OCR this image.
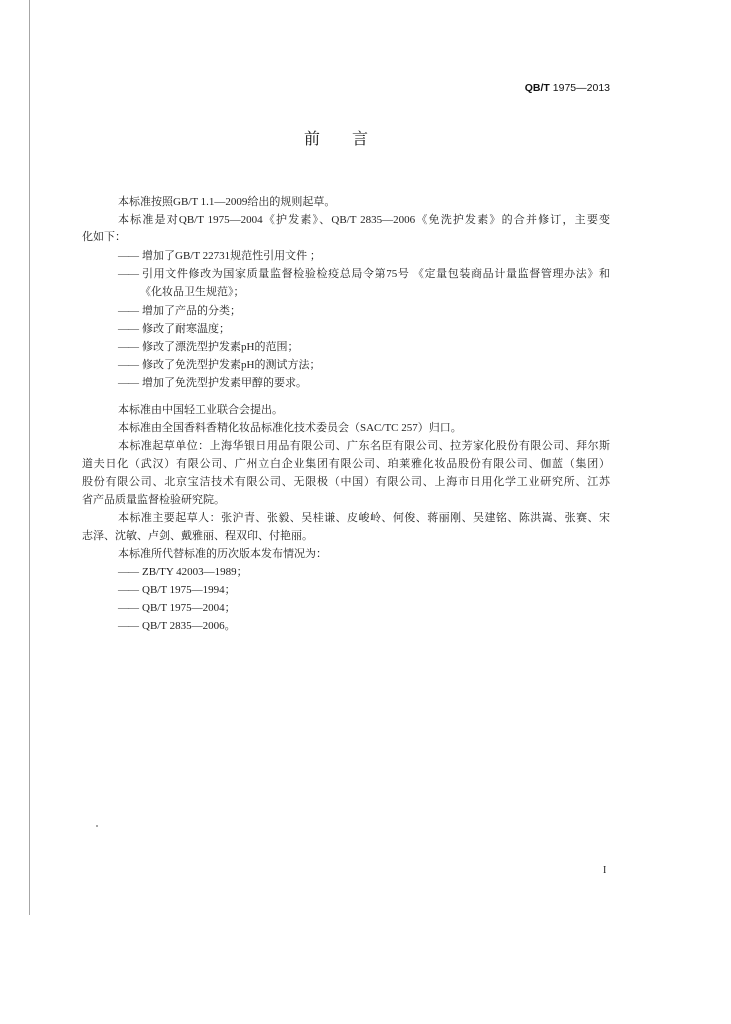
QB/T 1975—2013
前　言
本标准按照GB/T 1.1—2009给出的规则起草。
本标准是对QB/T 1975—2004《护发素》、QB/T 2835—2006《免洗护发素》的合并修订，主要变
化如下：
—— 增加了GB/T 22731规范性引用文件 ；
—— 引用文件修改为国家质量监督检验检疫总局令第75号 《定量包装商品计量监督管理办法》和
《化妆品卫生规范》；
—— 增加了产品的分类；
—— 修改了耐寒温度；
—— 修改了漂洗型护发素pH的范围；
—— 修改了免洗型护发素pH的测试方法；
—— 增加了免洗型护发素甲醇的要求。
本标准由中国轻工业联合会提出。
本标准由全国香料香精化妆品标准化技术委员会（SAC/TC 257）归口。
本标准起草单位：上海华银日用品有限公司、广东名臣有限公司、拉芳家化股份有限公司、拜尔斯
道夫日化（武汉）有限公司、广州立白企业集团有限公司、珀莱雅化妆品股份有限公司、伽蓝（集团）
股份有限公司、北京宝洁技术有限公司、无限极（中国）有限公司、上海市日用化学工业研究所、江苏
省产品质量监督检验研究院。
本标准主要起草人：张沪青、张毅、吴桂谦、皮峻岭、何俊、蒋丽刚、吴建铭、陈洪嵩、张赛、宋
志泽、沈敏、卢剑、戴雅丽、程双印、付艳丽。
本标准所代替标准的历次版本发布情况为：
—— ZB/TY 42003—1989；
—— QB/T 1975—1994；
—— QB/T 1975—2004；
—— QB/T 2835—2006。
I
